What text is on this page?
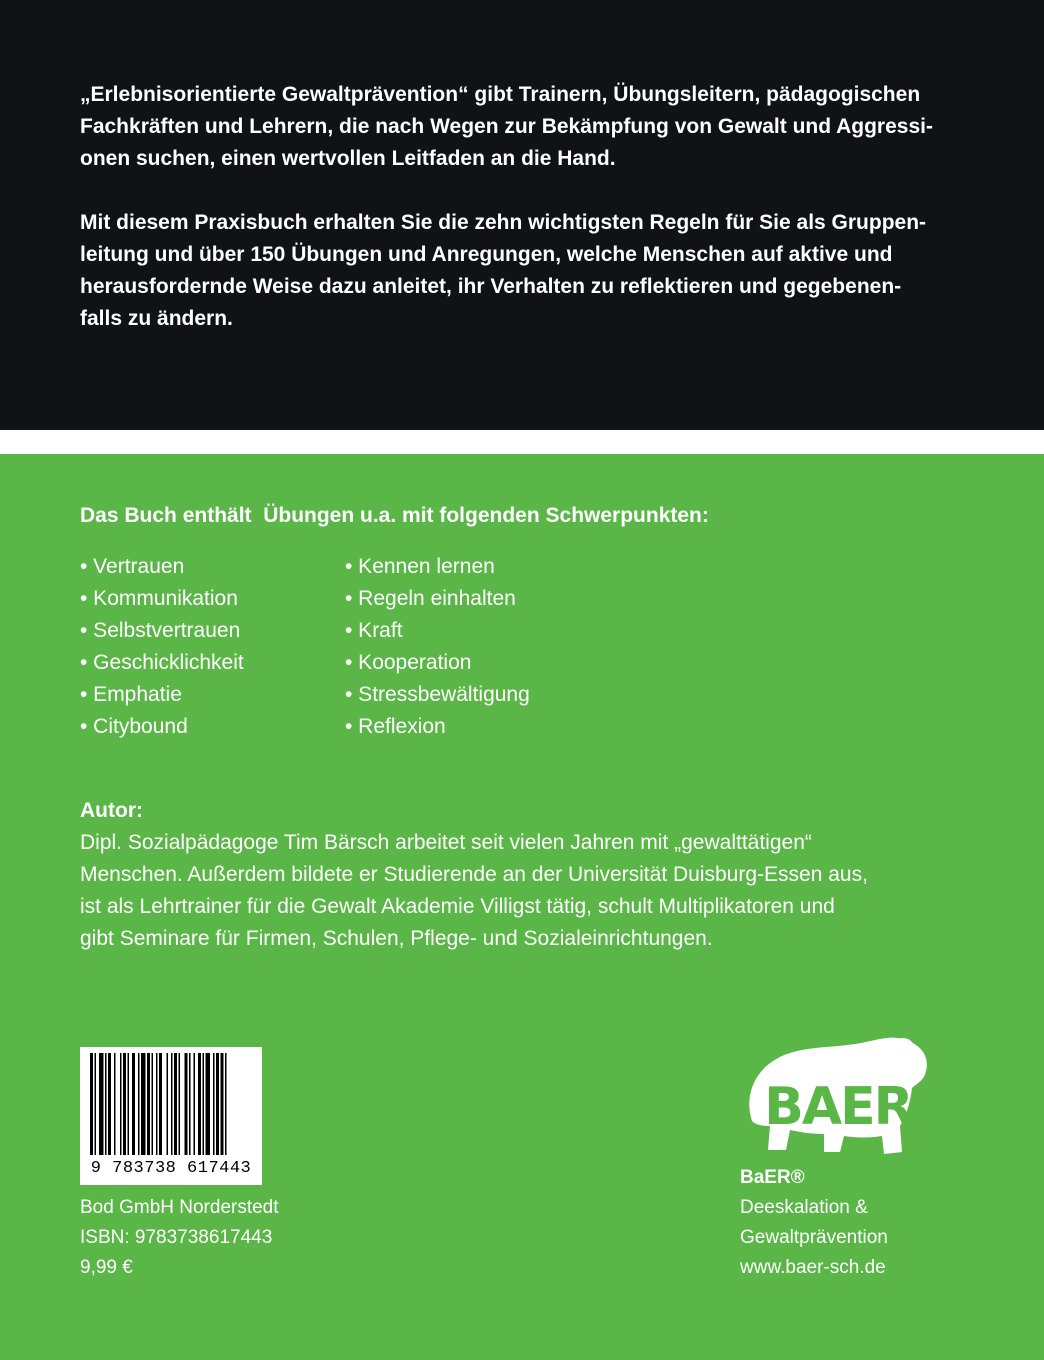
„Erlebnisorientierte Gewaltprävention“ gibt Trainern, Übungsleitern, pädagogischen
Fachkräften und Lehrern, die nach Wegen zur Bekämpfung von Gewalt und Aggressi-
onen suchen, einen wertvollen Leitfaden an die Hand.
Mit diesem Praxisbuch erhalten Sie die zehn wichtigsten Regeln für Sie als Gruppen-
leitung und über 150 Übungen und Anregungen, welche Menschen auf aktive und
herausfordernde Weise dazu anleitet, ihr Verhalten zu reflektieren und gegebenen-
falls zu ändern.
Das Buch enthält  Übungen u.a. mit folgenden Schwerpunkten:
• Vertrauen
• Kommunikation
• Selbstvertrauen
• Geschicklichkeit
• Emphatie
• Citybound
• Kennen lernen
• Regeln einhalten
• Kraft
• Kooperation
• Stressbewältigung
• Reflexion
Autor:
Dipl. Sozialpädagoge Tim Bärsch arbeitet seit vielen Jahren mit „gewalttätigen“
Menschen. Außerdem bildete er Studierende an der Universität Duisburg-Essen aus,
ist als Lehrtrainer für die Gewalt Akademie Villigst tätig, schult Multiplikatoren und
gibt Seminare für Firmen, Schulen, Pflege- und Sozialeinrichtungen.
9 783738 617443
Bod GmbH Norderstedt
ISBN: 9783738617443
9,99 €
BAER
R
BaER®
Deeskalation &
Gewaltprävention
www.baer-sch.de
